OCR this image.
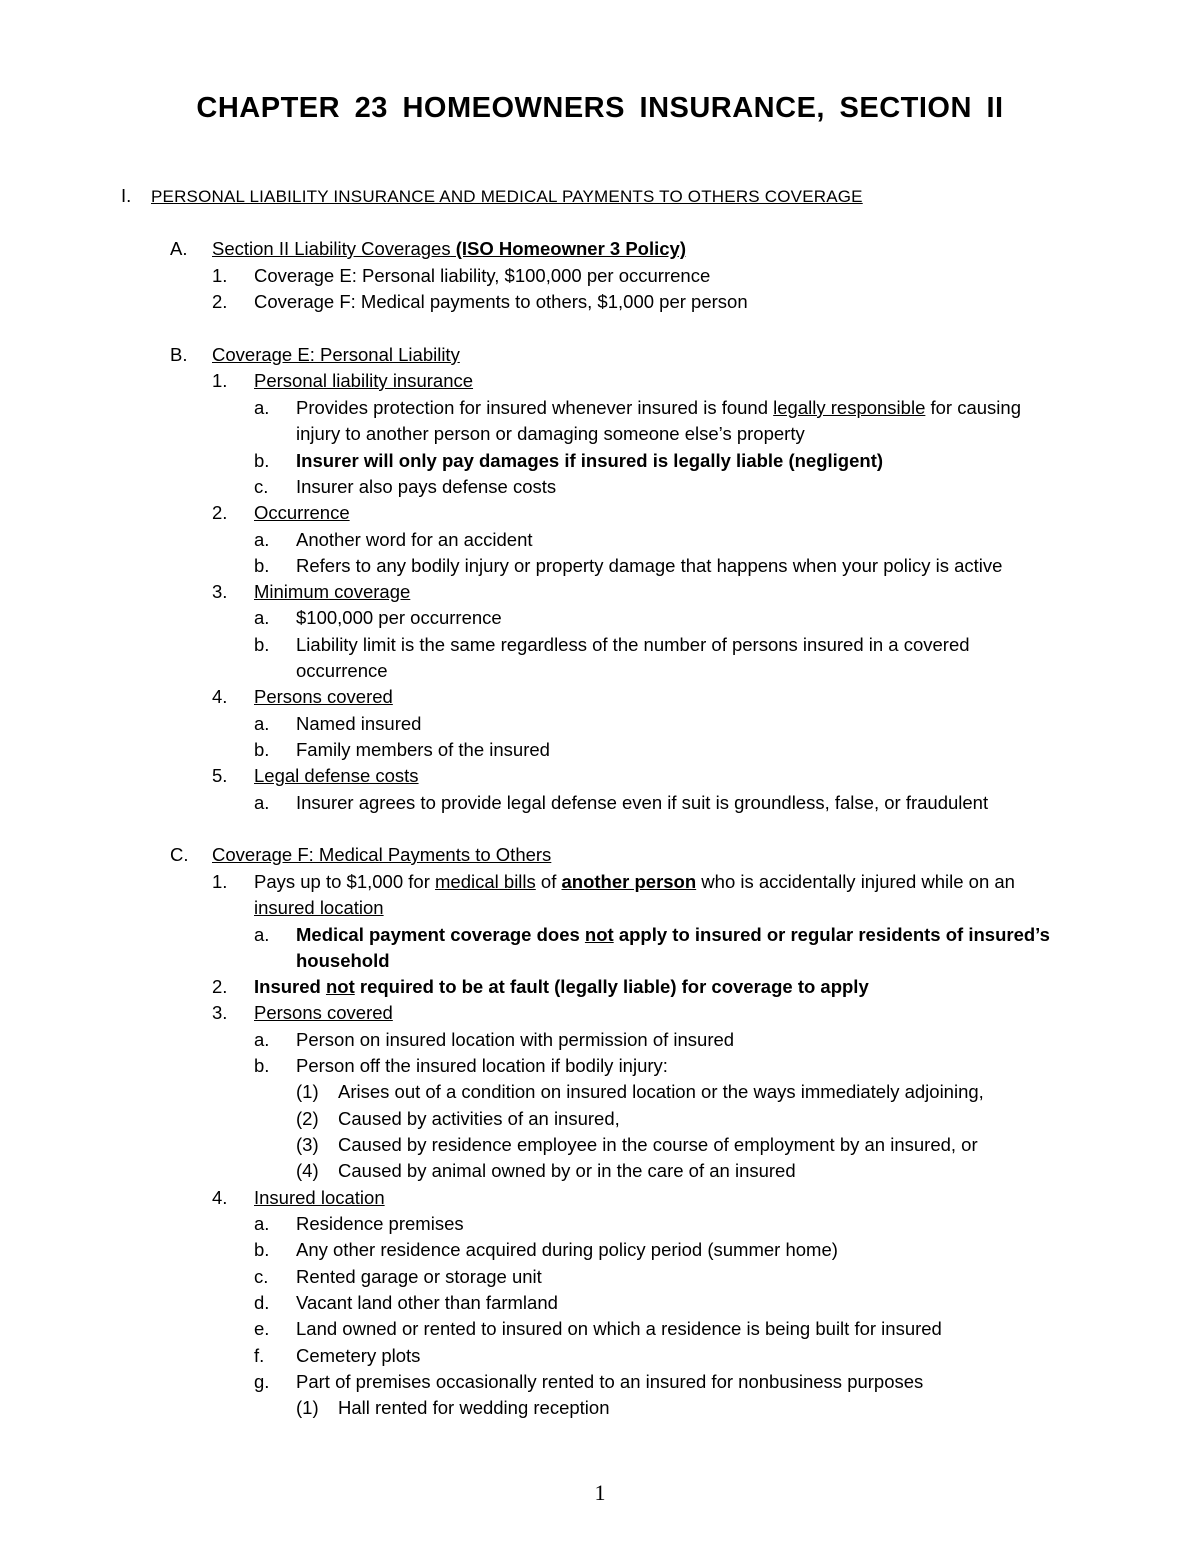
CHAPTER 23 HOMEOWNERS INSURANCE, SECTION II
I. PERSONAL LIABILITY INSURANCE AND MEDICAL PAYMENTS TO OTHERS COVERAGE
A. Section II Liability Coverages (ISO Homeowner 3 Policy)
1. Coverage E: Personal liability, $100,000 per occurrence
2. Coverage F: Medical payments to others, $1,000 per person
B. Coverage E: Personal Liability
1. Personal liability insurance
a. Provides protection for insured whenever insured is found legally responsible for causing
injury to another person or damaging someone else’s property
b. Insurer will only pay damages if insured is legally liable (negligent)
c. Insurer also pays defense costs
2. Occurrence
a. Another word for an accident
b. Refers to any bodily injury or property damage that happens when your policy is active
3. Minimum coverage
a. $100,000 per occurrence
b. Liability limit is the same regardless of the number of persons insured in a covered
occurrence
4. Persons covered
a. Named insured
b. Family members of the insured
5. Legal defense costs
a. Insurer agrees to provide legal defense even if suit is groundless, false, or fraudulent
C. Coverage F: Medical Payments to Others
1. Pays up to $1,000 for medical bills of another person who is accidentally injured while on an
insured location
a. Medical payment coverage does not apply to insured or regular residents of insured’s
household
2. Insured not required to be at fault (legally liable) for coverage to apply
3. Persons covered
a. Person on insured location with permission of insured
b. Person off the insured location if bodily injury:
(1) Arises out of a condition on insured location or the ways immediately adjoining,
(2) Caused by activities of an insured,
(3) Caused by residence employee in the course of employment by an insured, or
(4) Caused by animal owned by or in the care of an insured
4. Insured location
a. Residence premises
b. Any other residence acquired during policy period (summer home)
c. Rented garage or storage unit
d. Vacant land other than farmland
e. Land owned or rented to insured on which a residence is being built for insured
f. Cemetery plots
g. Part of premises occasionally rented to an insured for nonbusiness purposes
(1) Hall rented for wedding reception
1
